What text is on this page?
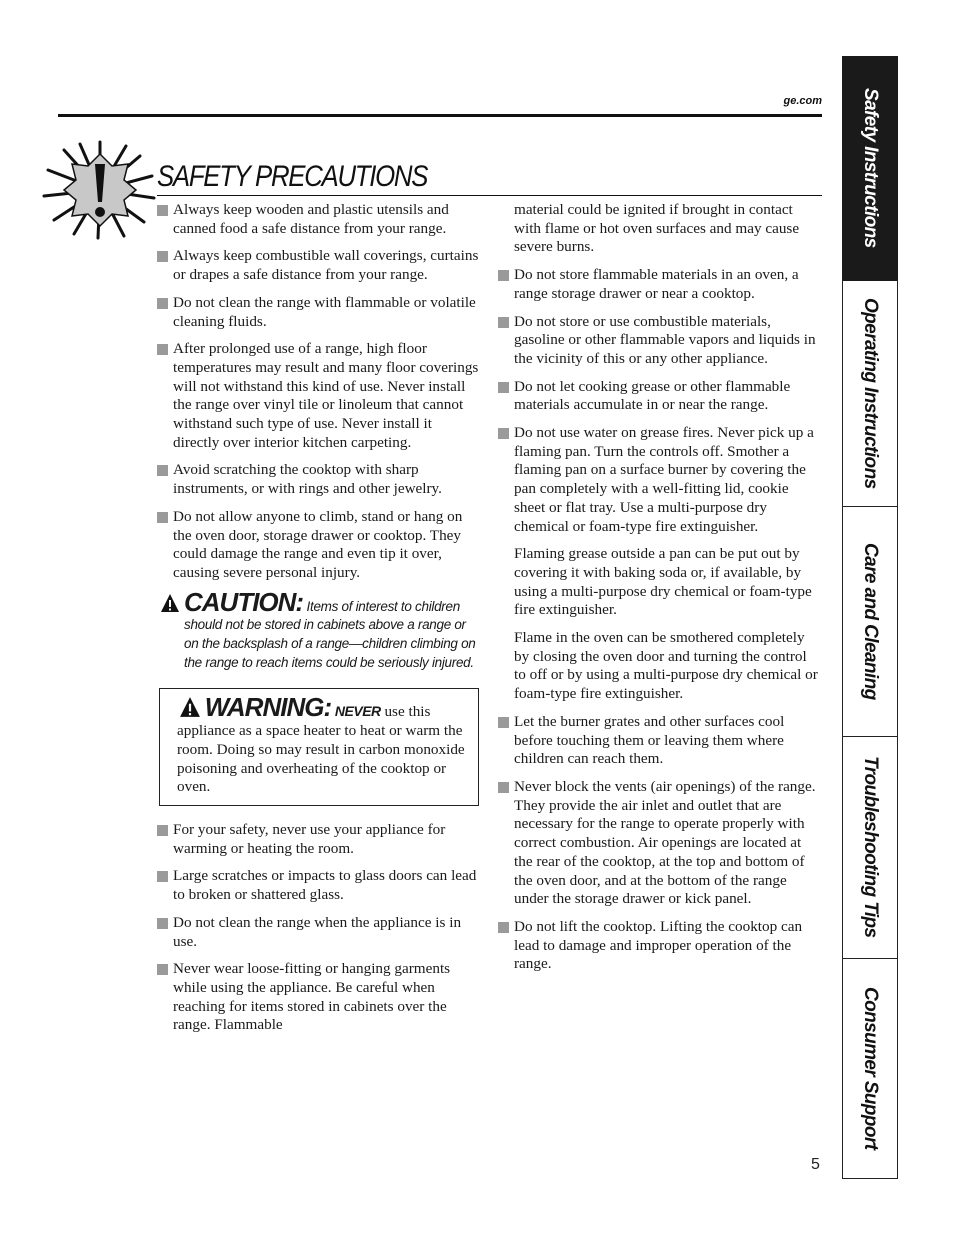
ge.com
SAFETY PRECAUTIONS
Always keep wooden and plastic utensils and canned food a safe distance from your range.
Always keep combustible wall coverings, curtains or drapes a safe distance from your range.
Do not clean the range with flammable or volatile cleaning fluids.
After prolonged use of a range, high floor temperatures may result and many floor coverings will not withstand this kind of use. Never install the range over vinyl tile or linoleum that cannot withstand such type of use. Never install it directly over interior kitchen carpeting.
Avoid scratching the cooktop with sharp instruments, or with rings and other jewelry.
Do not allow anyone to climb, stand or hang on the oven door, storage drawer or cooktop. They could damage the range and even tip it over, causing severe personal injury.
CAUTION: Items of interest to children should not be stored in cabinets above a range or on the backsplash of a range—children climbing on the range to reach items could be seriously injured.
WARNING: NEVER use this appliance as a space heater to heat or warm the room. Doing so may result in carbon monoxide poisoning and overheating of the cooktop or oven.
For your safety, never use your appliance for warming or heating the room.
Large scratches or impacts to glass doors can lead to broken or shattered glass.
Do not clean the range when the appliance is in use.
Never wear loose-fitting or hanging garments while using the appliance. Be careful when reaching for items stored in cabinets over the range. Flammable
material could be ignited if brought in contact with flame or hot oven surfaces and may cause severe burns.
Do not store flammable materials in an oven, a range storage drawer or near a cooktop.
Do not store or use combustible materials, gasoline or other flammable vapors and liquids in the vicinity of this or any other appliance.
Do not let cooking grease or other flammable materials accumulate in or near the range.
Do not use water on grease fires. Never pick up a flaming pan. Turn the controls off. Smother a flaming pan on a surface burner by covering the pan completely with a well-fitting lid, cookie sheet or flat tray. Use a multi-purpose dry chemical or foam-type fire extinguisher.
Flaming grease outside a pan can be put out by covering it with baking soda or, if available, by using a multi-purpose dry chemical or foam-type fire extinguisher.
Flame in the oven can be smothered completely by closing the oven door and turning the control to off or by using a multi-purpose dry chemical or foam-type fire extinguisher.
Let the burner grates and other surfaces cool before touching them or leaving them where children can reach them.
Never block the vents (air openings) of the range. They provide the air inlet and outlet that are necessary for the range to operate properly with correct combustion. Air openings are located at the rear of the cooktop, at the top and bottom of the oven door, and at the bottom of the range under the storage drawer or kick panel.
Do not lift the cooktop. Lifting the cooktop can lead to damage and improper operation of the range.
5
Safety Instructions
Operating Instructions
Care and Cleaning
Troubleshooting Tips
Consumer Support
